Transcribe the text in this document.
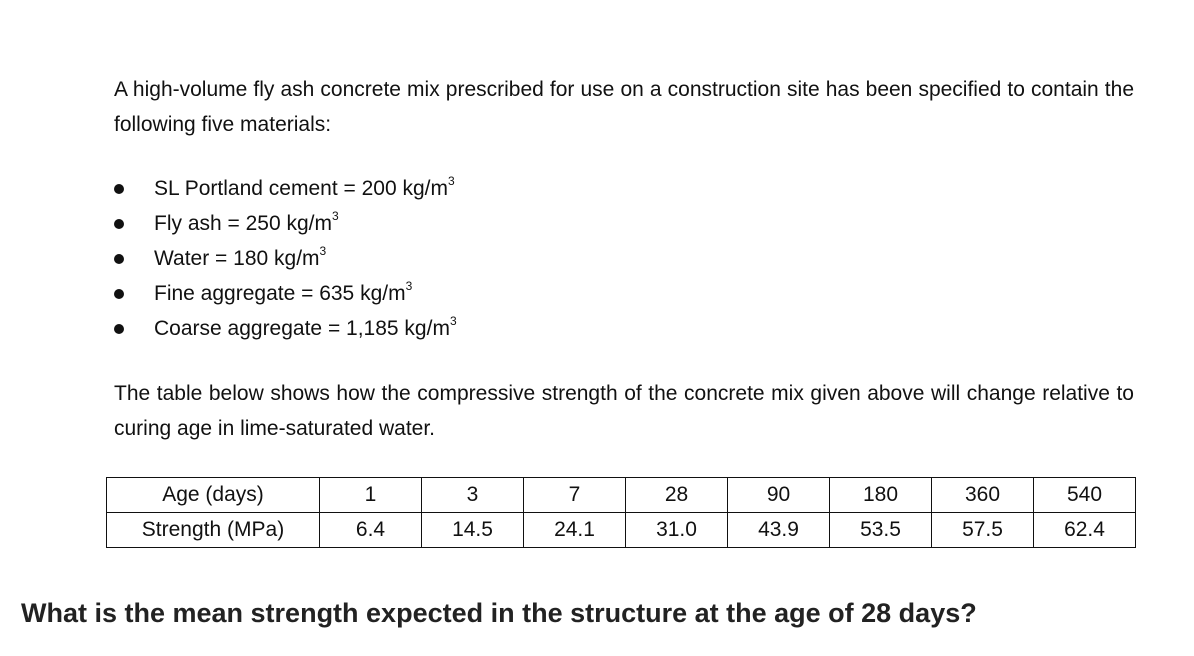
A high-volume fly ash concrete mix prescribed for use on a construction site has been specified to contain the following five materials:

SL Portland cement = 200 $kg/m^3$
Fly ash = 250 $kg/m^3$
Water = 180 $kg/m^3$
Fine aggregate = 635 $kg/m^3$
Coarse aggregate = 1,185 $kg/m^3$

The table below shows how the compressive strength of the concrete mix given above will change relative to curing age in lime-saturated water.

Age (days)	1	3	7	28	90	180	360	540
Strength (MPa)	6.4	14.5	24.1	31.0	43.9	53.5	57.5	62.4

What is the mean strength expected in the structure at the age of 28 days?
